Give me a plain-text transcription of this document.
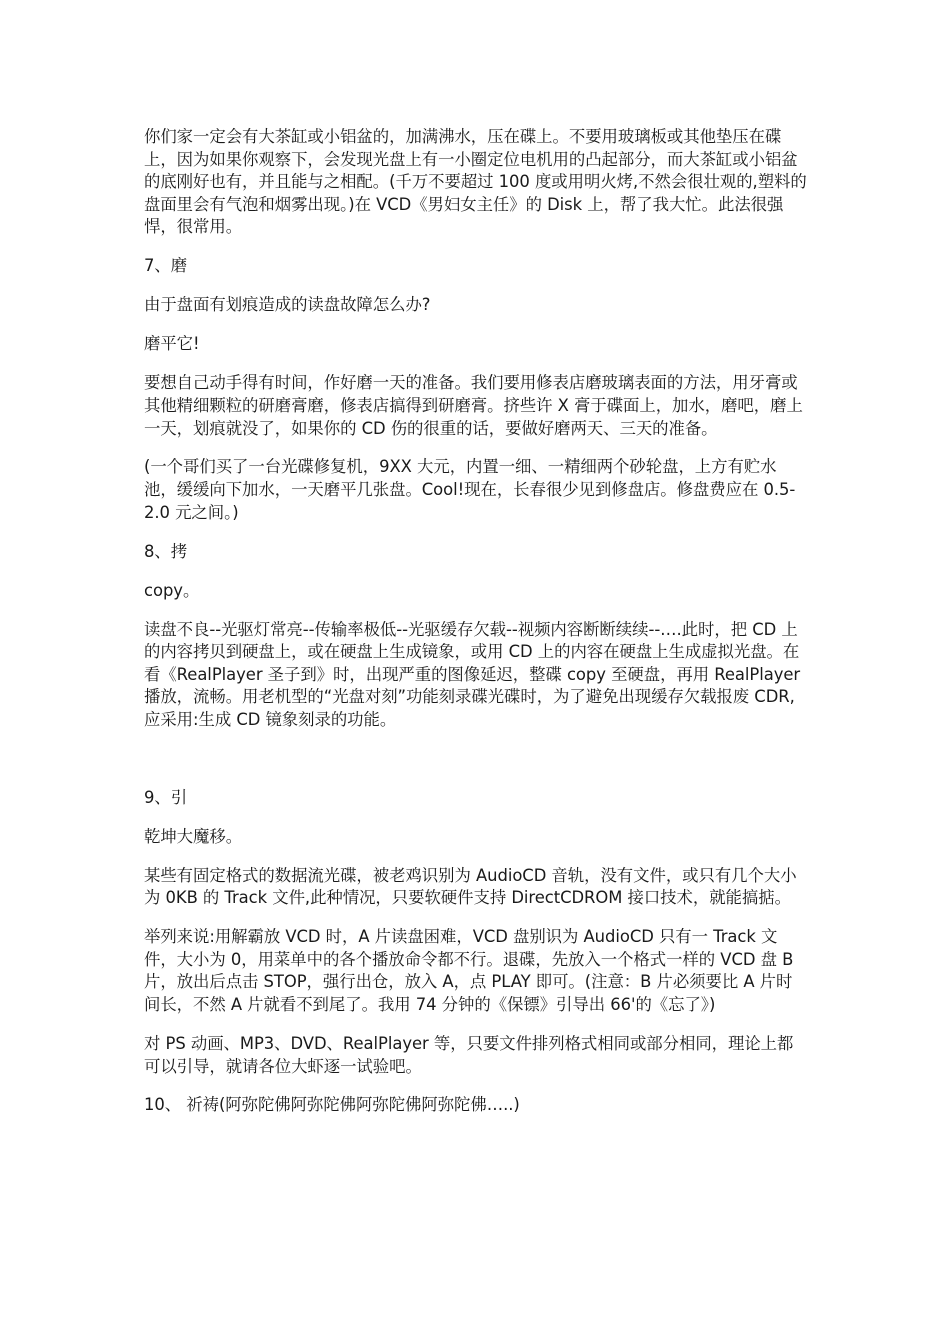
你们家一定会有大茶缸或小铝盆的，加满沸水，压在碟上。不要用玻璃板或其他垫压在碟上，因为如果你观察下，会发现光盘上有一小圈定位电机用的凸起部分，而大茶缸或小铝盆的底刚好也有，并且能与之相配。(千万不要超过 100 度或用明火烤,不然会很壮观的,塑料的盘面里会有气泡和烟雾出现。)在 VCD《男妇女主任》的 Disk 上，帮了我大忙。此法很强悍，很常用。

7、磨

由于盘面有划痕造成的读盘故障怎么办?

磨平它!

要想自己动手得有时间，作好磨一天的准备。我们要用修表店磨玻璃表面的方法，用牙膏或其他精细颗粒的研磨膏磨，修表店搞得到研磨膏。挤些许 X 膏于碟面上，加水，磨吧，磨上一天，划痕就没了，如果你的 CD 伤的很重的话，要做好磨两天、三天的准备。

(一个哥们买了一台光碟修复机，9XX 大元，内置一细、一精细两个砂轮盘，上方有贮水池，缓缓向下加水，一天磨平几张盘。Cool!现在，长春很少见到修盘店。修盘费应在 0.5-2.0 元之间。)

8、拷

copy。

读盘不良--光驱灯常亮--传输率极低--光驱缓存欠载--视频内容断断续续--….此时，把 CD 上的内容拷贝到硬盘上，或在硬盘上生成镜象，或用 CD 上的内容在硬盘上生成虚拟光盘。在看《RealPlayer 圣子到》时，出现严重的图像延迟，整碟 copy 至硬盘，再用 RealPlayer 播放，流畅。用老机型的“光盘对刻”功能刻录碟光碟时，为了避免出现缓存欠载报废 CDR,应采用:生成 CD 镜象刻录的功能。

9、引

乾坤大魔移。

某些有固定格式的数据流光碟，被老鸡识别为 AudioCD 音轨，没有文件，或只有几个大小为 0KB 的 Track 文件,此种情况，只要软硬件支持 DirectCDROM 接口技术，就能搞掂。

举列来说:用解霸放 VCD 时，A 片读盘困难，VCD 盘别识为 AudioCD 只有一 Track 文件，大小为 0，用菜单中的各个播放命令都不行。退碟，先放入一个格式一样的 VCD 盘 B 片，放出后点击 STOP，强行出仓，放入 A，点 PLAY 即可。(注意：B 片必须要比 A 片时间长，不然 A 片就看不到尾了。我用 74 分钟的《保镖》引导出 66'的《忘了》)

对 PS 动画、MP3、DVD、RealPlayer 等，只要文件排列格式相同或部分相同，理论上都可以引导，就请各位大虾逐一试验吧。

10、 祈祷(阿弥陀佛阿弥陀佛阿弥陀佛阿弥陀佛…..)
